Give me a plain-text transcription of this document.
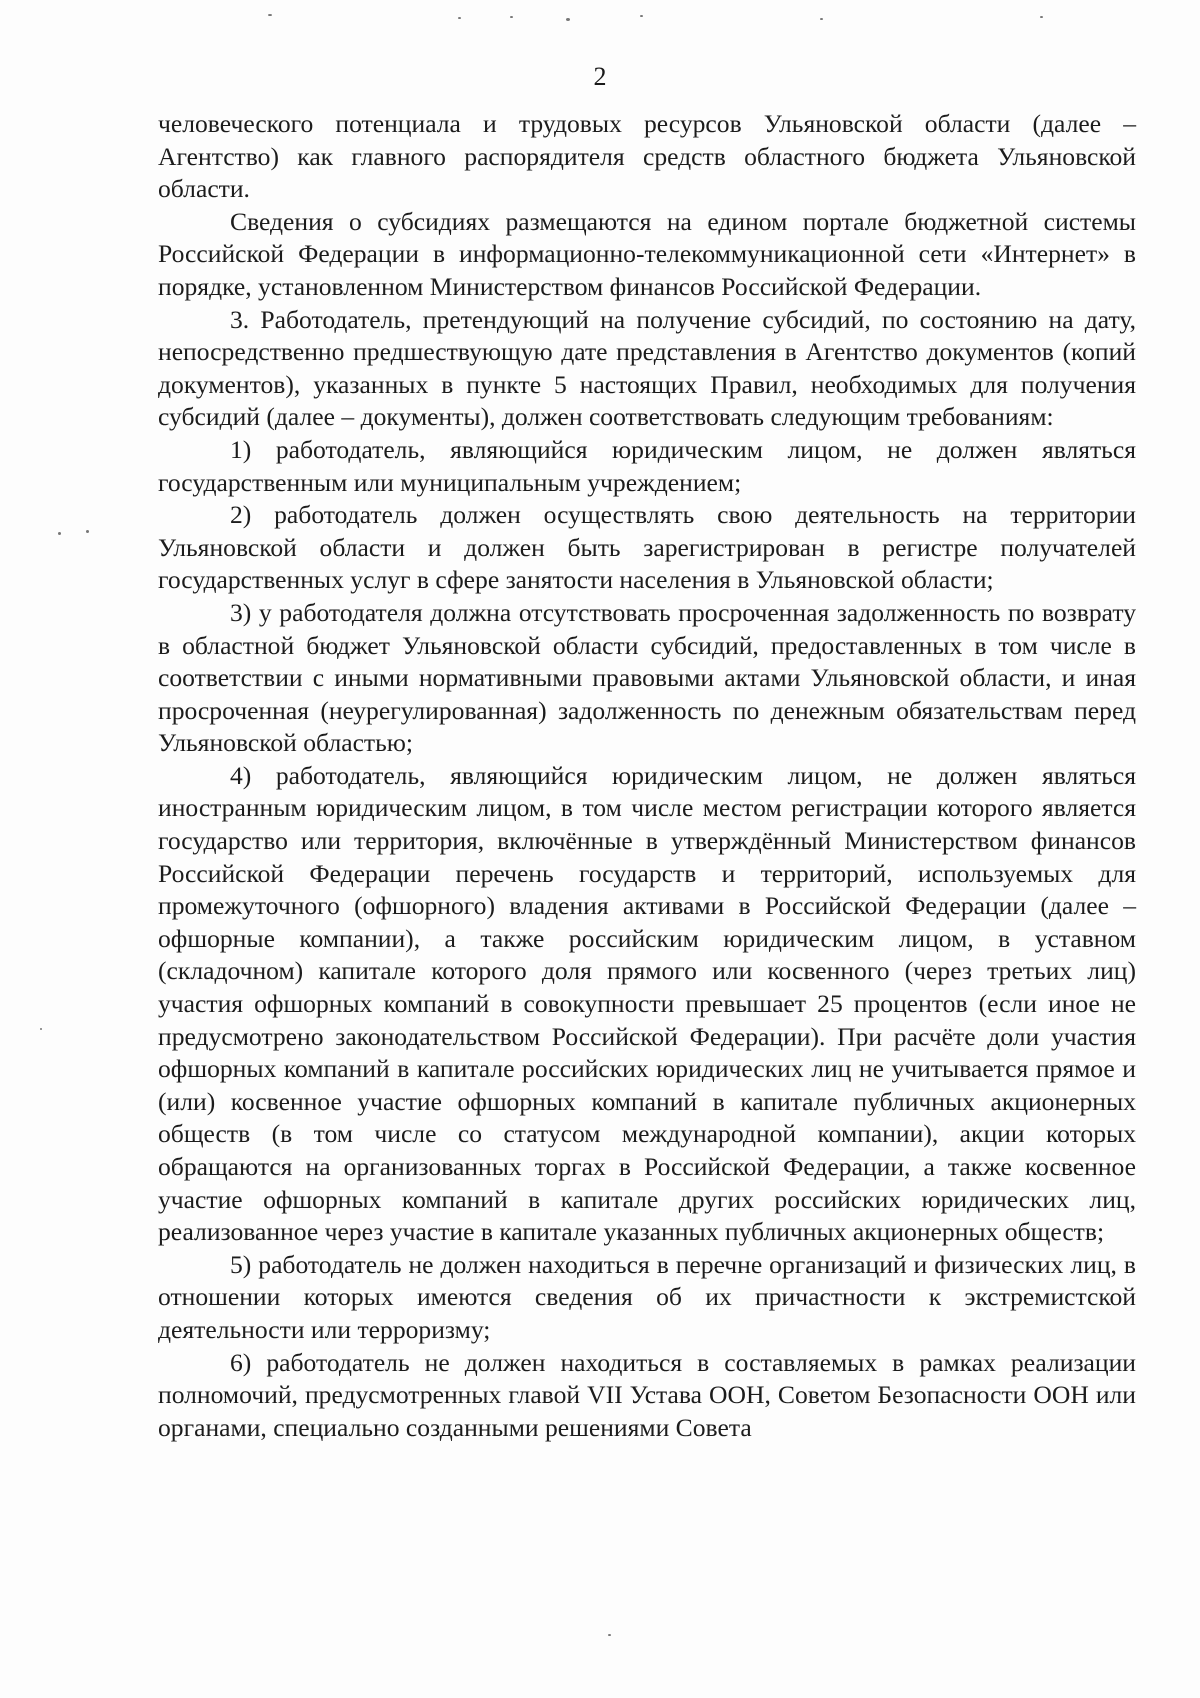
2

человеческого потенциала и трудовых ресурсов Ульяновской области (далее – Агентство) как главного распорядителя средств областного бюджета Ульяновской области.

Сведения о субсидиях размещаются на едином портале бюджетной системы Российской Федерации в информационно-телекоммуникационной сети «Интернет» в порядке, установленном Министерством финансов Российской Федерации.

3. Работодатель, претендующий на получение субсидий, по состоянию на дату, непосредственно предшествующую дате представления в Агентство документов (копий документов), указанных в пункте 5 настоящих Правил, необходимых для получения субсидий (далее – документы), должен соответствовать следующим требованиям:

1) работодатель, являющийся юридическим лицом, не должен являться государственным или муниципальным учреждением;

2) работодатель должен осуществлять свою деятельность на территории Ульяновской области и должен быть зарегистрирован в регистре получателей государственных услуг в сфере занятости населения в Ульяновской области;

3) у работодателя должна отсутствовать просроченная задолженность по возврату в областной бюджет Ульяновской области субсидий, предоставленных в том числе в соответствии с иными нормативными правовыми актами Ульяновской области, и иная просроченная (неурегулированная) задолженность по денежным обязательствам перед Ульяновской областью;

4) работодатель, являющийся юридическим лицом, не должен являться иностранным юридическим лицом, в том числе местом регистрации которого является государство или территория, включённые в утверждённый Министерством финансов Российской Федерации перечень государств и территорий, используемых для промежуточного (офшорного) владения активами в Российской Федерации (далее – офшорные компании), а также российским юридическим лицом, в уставном (складочном) капитале которого доля прямого или косвенного (через третьих лиц) участия офшорных компаний в совокупности превышает 25 процентов (если иное не предусмотрено законодательством Российской Федерации). При расчёте доли участия офшорных компаний в капитале российских юридических лиц не учитывается прямое и (или) косвенное участие офшорных компаний в капитале публичных акционерных обществ (в том числе со статусом международной компании), акции которых обращаются на организованных торгах в Российской Федерации, а также косвенное участие офшорных компаний в капитале других российских юридических лиц, реализованное через участие в капитале указанных публичных акционерных обществ;

5) работодатель не должен находиться в перечне организаций и физических лиц, в отношении которых имеются сведения об их причастности к экстремистской деятельности или терроризму;

6) работодатель не должен находиться в составляемых в рамках реализации полномочий, предусмотренных главой VII Устава ООН, Советом Безопасности ООН или органами, специально созданными решениями Совета
